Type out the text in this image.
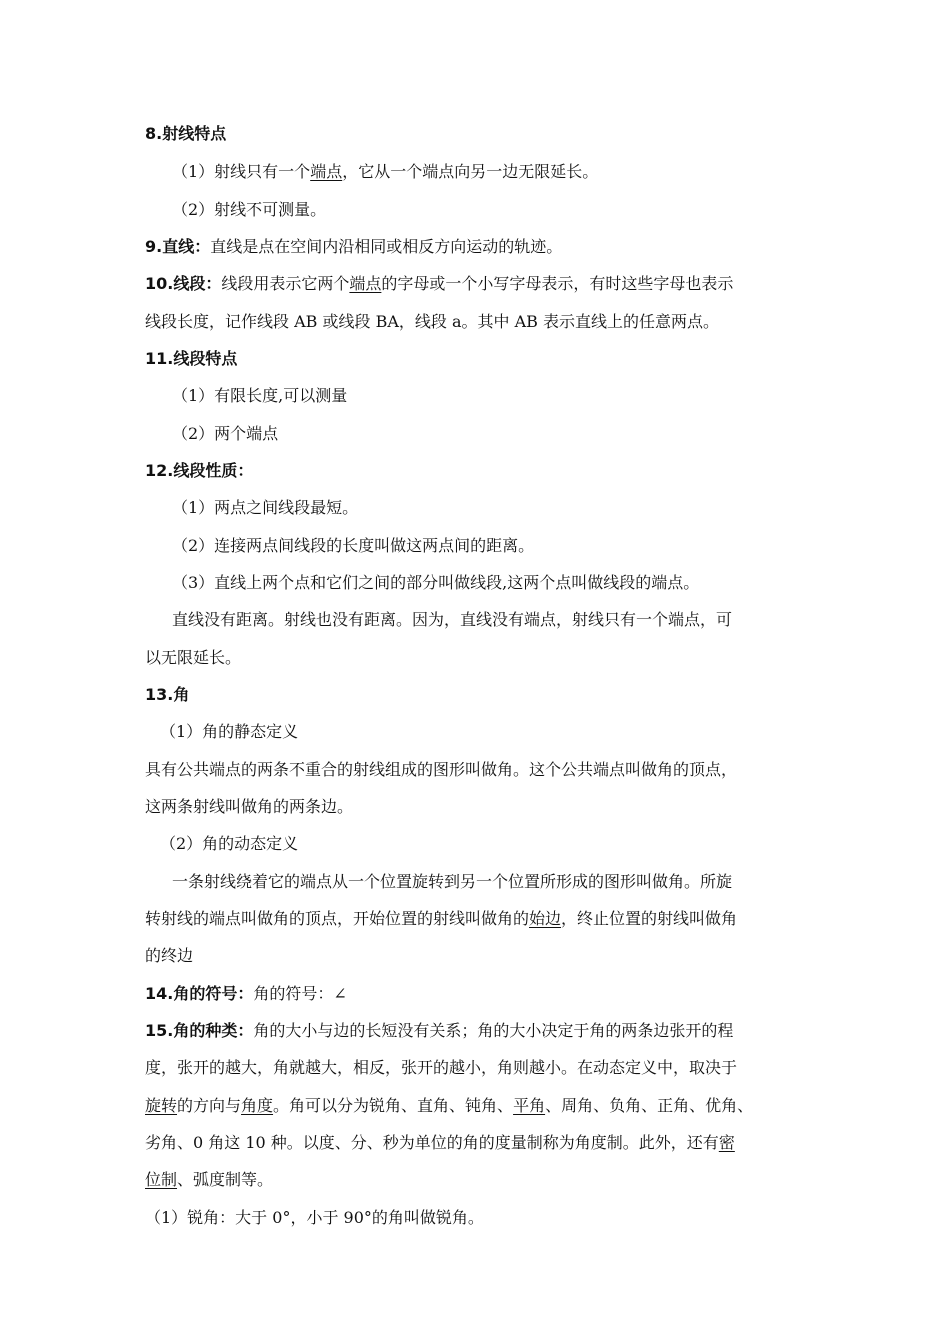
8.射线特点

（1）射线只有一个端点，它从一个端点向另一边无限延长。

（2）射线不可测量。

9.直线：直线是点在空间内沿相同或相反方向运动的轨迹。

10.线段：线段用表示它两个端点的字母或一个小写字母表示，有时这些字母也表示

线段长度，记作线段 AB 或线段 BA，线段 a。其中 AB 表示直线上的任意两点。

11.线段特点

（1）有限长度,可以测量

（2）两个端点

12.线段性质：

（1）两点之间线段最短。

（2）连接两点间线段的长度叫做这两点间的距离。

（3）直线上两个点和它们之间的部分叫做线段,这两个点叫做线段的端点。

直线没有距离。射线也没有距离。因为，直线没有端点，射线只有一个端点，可

以无限延长。

13.角

（1）角的静态定义

具有公共端点的两条不重合的射线组成的图形叫做角。这个公共端点叫做角的顶点，

这两条射线叫做角的两条边。

（2）角的动态定义

一条射线绕着它的端点从一个位置旋转到另一个位置所形成的图形叫做角。所旋

转射线的端点叫做角的顶点，开始位置的射线叫做角的始边，终止位置的射线叫做角

的终边

14.角的符号：角的符号：∠

15.角的种类：角的大小与边的长短没有关系；角的大小决定于角的两条边张开的程

度，张开的越大，角就越大，相反，张开的越小，角则越小。在动态定义中，取决于

旋转的方向与角度。角可以分为锐角、直角、钝角、平角、周角、负角、正角、优角、

劣角、0 角这 10 种。以度、分、秒为单位的角的度量制称为角度制。此外，还有密

位制、弧度制等。

（1）锐角：大于 0°，小于 90°的角叫做锐角。
